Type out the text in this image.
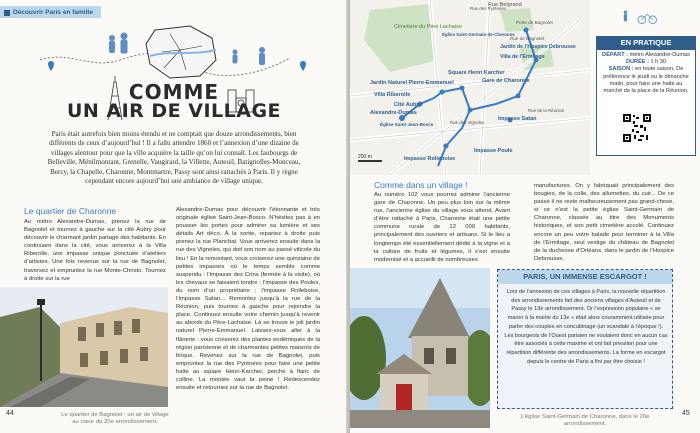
Découvrir Paris en famille
COMME
UN AIR DE VILLAGE

Paris était autrefois bien moins étendu et ne comptait que douze arrondissements, bien différents de ceux d’aujourd’hui ! Il a fallu attendre 1860 et l’annexion d’une dizaine de villages alentour pour que la ville acquière la taille qu’on lui connaît. Les faubourgs de Belleville, Ménilmontant, Grenelle, Vaugirard, la Villette, Auteuil, Batignolles-Monceau, Bercy, la Chapelle, Charonne, Montmartre, Passy sont ainsi rattachés à Paris. Il y règne cependant encore aujourd’hui une ambiance de village unique.

Le quartier de Charonne

Au métro Alexandre-Dumas, prenez la rue de Bagnolet et tournez à gauche sur la cité Aubry pour découvrir le charmant jardin partagé des habitants. En continuant dans la cité, vous arriverez à la Villa Riberolle, une impasse unique ponctuée d’ateliers d’artistes. Une fois revenus sur la rue de Bagnolet, traversez et empruntez la rue Monte-Christo. Tournez à droite sur la rue

Alexandre-Dumas pour découvrir l’étonnante et très originale église Saint-Jean-Bosco. N’hésitez pas à en pousser les portes pour admirer sa lumière et ses détails Art déco. À la sortie, repartez à droite puis prenez la rue Planchat. Vous arriverez ensuite dans la rue des Vignoles, qui doit son nom au passé viticole du lieu ! En la remontant, vous croiserez une quinzaine de petites impasses où le temps semble comme suspendu : l’impasse des Crins (fermée à la visite), où les chevaux se faisaient tondre ; l’impasse des Poules, du nom d’un propriétaire ; l’impasse Rolleboise, l’impasse Satan... Remontez jusqu’à la rue de la Réunion, puis tournez à gauche pour rejoindre la place. Continuez ensuite votre chemin jusqu’à revenir au abords du Père-Lachaise. Là se trouve le joli jardin naturel Pierre-Emmanuel. Laissez-vous aller à la flânerie : vous croiserez des plantes endémiques de la région parisienne et de charmantes petites maisons de brique. Revenez sur la rue de Bagnolet, puis empruntez la rue des Pyrénées pour faire une petite halte au square Henri-Karcher, perché à flanc de colline. La montée vaut la peine ! Redescendez ensuite et retournez sur la rue de Bagnolet.

Le quartier de Bagnolet : un air de village au cœur du 20e arrondissement.

44
Rue Belgrand
Square Henri Karcher
Cimetière du Père Lachaise
Jardin Naturel Pierre-Emmanuel
Villa Riberolle
Cité Aubry
Alexandre-Dumas
Église Saint-Jean-Bosco
Impasse Rolleboise
Impasse Satan
Impasse Poule
Gare de Charonne
Jardin de l’Hospice Debrousse
Villa de l’Ermitage
Rue de Bagnolet
Porte de Bagnolet
Église Saint-Germain-de-Charonne
Rue des Vignoles
Rue de la Réunion
Rue des Pyrénées
200 m
EN PRATIQUE
DÉPART : métro Alexandre-Dumas
DURÉE : 1 h 30
SAISON : en toute saison. De préférence le jeudi ou le dimanche matin, pour faire une halte au marché de la place de la Réunion.
Comme dans un village !

Au numéro 102 vous pourrez admirer l’ancienne gare de Charonne. Un peu plus loin sur la même rue, l’ancienne église du village vous attend. Avant d’être rattaché à Paris, Charonne était une petite commune rurale de 12 000 habitants, principalement des ouvriers et artisans. Si le lieu a longtemps été essentiellement dédié à la vigne et à la culture de fruits et légumes, il s’est ensuite modernisé et a accueilli de nombreuses

manufactures. On y fabriquait principalement des bougies, de la colle, des allumettes, du cuir... De ce passé il ne reste malheureusement pas grand-chose, si ce n’est la petite église Saint-Germain de Charonne, classée au titre des Monuments historiques, et son petit cimetière accolé. Continuez encore un peu votre balade pour terminer à la Villa de l’Ermitage, seul vestige du château de Bagnolet de la duchesse d’Orléans, dans le jardin de l’Hospice Debrousse.

PARIS, UN IMMENSE ESCARGOT !

Lors de l’annexion de ces villages à Paris, la nouvelle répartition des arrondissements fait des anciens villages d’Auteuil et de Passy le 13e arrondissement. Or l’expression populaire « se marier à la mairie du 13e » était alors couramment utilisée pour parler des couples en concubinage (un scandale à l’époque !). Les bourgeois de l’Ouest parisien ne voulaient donc en aucun cas être associés à cette maxime et ont fait pression pour une répartition différente des arrondissements. La forme en escargot depuis le centre de Paris a fini par être choisie !

L’église Saint-Germain de Charonne, dans le 20e arrondissement.

45
